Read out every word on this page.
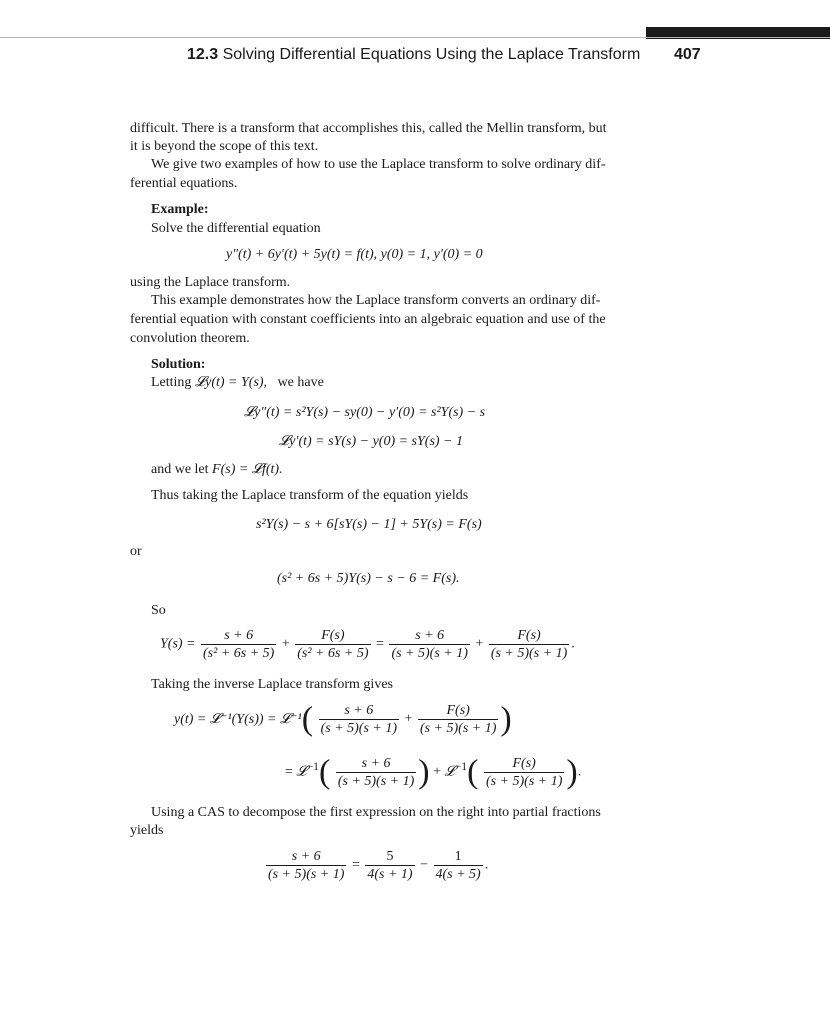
12.3 Solving Differential Equations Using the Laplace Transform 407
difficult. There is a transform that accomplishes this, called the Mellin transform, but
it is beyond the scope of this text.
We give two examples of how to use the Laplace transform to solve ordinary dif-
ferential equations.
Example:
Solve the differential equation
y″(t) + 6y′(t) + 5y(t) = f(t), y(0) = 1, y′(0) = 0
using the Laplace transform.
This example demonstrates how the Laplace transform converts an ordinary dif-
ferential equation with constant coefficients into an algebraic equation and use of the
convolution theorem.
Solution:
Letting 𝓛y(t) = Y(s), we have
𝓛y″(t) = s²Y(s) − sy(0) − y′(0) = s²Y(s) − s
𝓛y′(t) = sY(s) − y(0) = sY(s) − 1
and we let F(s) = 𝓛f(t).
Thus taking the Laplace transform of the equation yields
s²Y(s) − s + 6[sY(s) − 1] + 5Y(s) = F(s)
or
(s² + 6s + 5)Y(s) − s − 6 = F(s).
So
$Y(s) = \frac{s + 6}{\text{(s² + 6s + 5)}} + \frac{F(s)}{\text{(s² + 6s + 5)}} = \frac{s + 6}{(s + 5)(s + 1)} + \frac{F(s)}{(s + 5)(s + 1)}$ .
Taking the inverse Laplace transform gives
y(t) = 𝓛⁻¹(Y(s)) = 𝓛⁻¹( $\frac{s + 6}{(s + 5)(s + 1)} + \frac{F(s)}{(s + 5)(s + 1)}$ )
= 𝓛$^{-1}$( $\frac{s + 6}{(s + 5)(s + 1)}$ ) + 𝓛$^{-1}$( $\frac{F(s)}{(s + 5)(s + 1)}$ ).
Using a CAS to decompose the first expression on the right into partial fractions
yields
$\frac{s + 6}{(s + 5)(s + 1)} = \frac{5}{4(s + 1)} - \frac{1}{4(s + 5)}$ .
